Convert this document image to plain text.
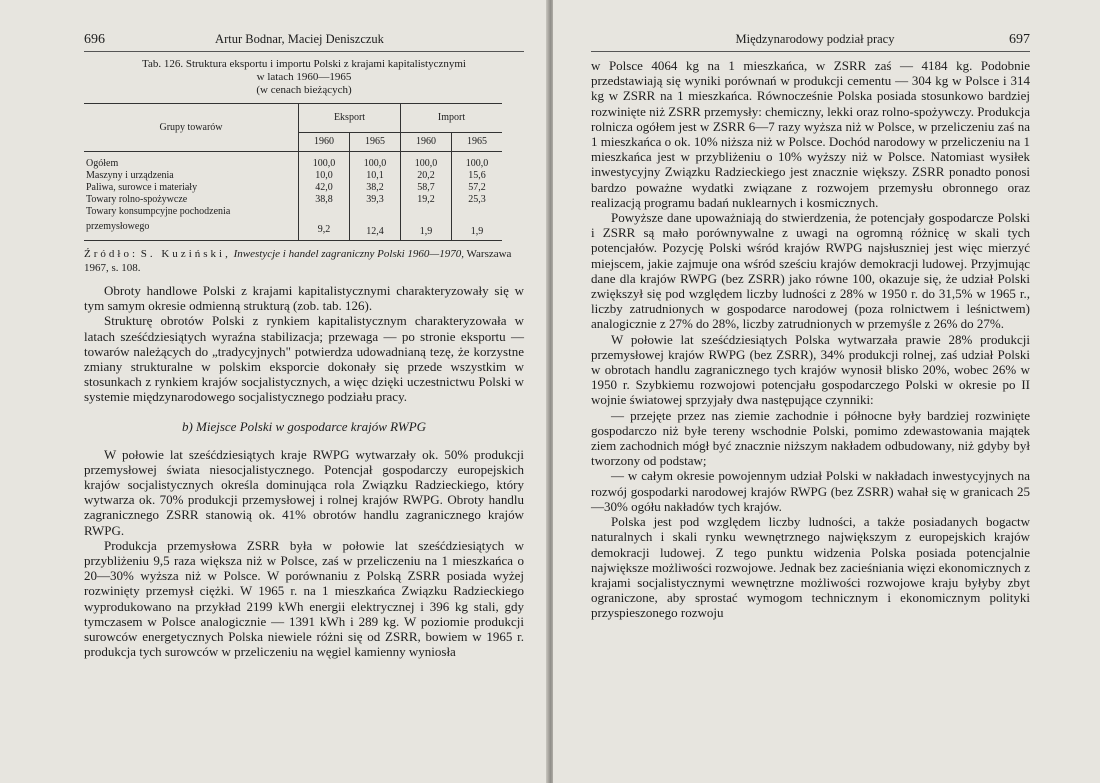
696	Artur Bodnar, Maciej Deniszczuk
Tab. 126. Struktura eksportu i importu Polski z krajami kapitalistycznymi
w latach 1960—1965
(w cenach bieżących)
Grupy towarów	Eksport		Import	
	1960	1965	1960	1965

Ogółem	100,0	100,0	100,0	100,0
Maszyny i urządzenia	10,0	10,1	20,2	15,6
Paliwa, surowce i materiały	42,0	38,2	58,7	57,2
Towary rolno-spożywcze	38,8	39,3	19,2	25,3
Towary konsumpcyjne pochodzenia				
przemysłowego	9,2	12,4	1,9	1,9
Źródło: S. Kuziński, Inwestycje i handel zagraniczny Polski 1960—1970, Warszawa 1967, s. 108.

Obroty handlowe Polski z krajami kapitalistycznymi charakteryzowały się w tym samym okresie odmienną strukturą (zob. tab. 126).

Strukturę obrotów Polski z rynkiem kapitalistycznym charakteryzowała w latach sześćdziesiątych wyraźna stabilizacja; przewaga — po stronie eksportu — towarów należących do „tradycyjnych" potwierdza udowadnianą tezę, że korzystne zmiany strukturalne w polskim eksporcie dokonały się przede wszystkim w stosunkach z rynkiem krajów socjalistycznych, a więc dzięki uczestnictwu Polski w systemie międzynarodowego socjalistycznego podziału pracy.

b) Miejsce Polski w gospodarce krajów RWPG

W połowie lat sześćdziesiątych kraje RWPG wytwarzały ok. 50% produkcji przemysłowej świata niesocjalistycznego. Potencjał gospodarczy europejskich krajów socjalistycznych określa dominująca rola Związku Radzieckiego, który wytwarza ok. 70% produkcji przemysłowej i rolnej krajów RWPG. Obroty handlu zagranicznego ZSRR stanowią ok. 41% obrotów handlu zagranicznego krajów RWPG.

Produkcja przemysłowa ZSRR była w połowie lat sześćdziesiątych w przybliżeniu 9,5 raza większa niż w Polsce, zaś w przeliczeniu na 1 mieszkańca o 20—30% wyższa niż w Polsce. W porównaniu z Polską ZSRR posiada wyżej rozwinięty przemysł ciężki. W 1965 r. na 1 mieszkańca Związku Radzieckiego wyprodukowano na przykład 2199 kWh energii elektrycznej i 396 kg stali, gdy tymczasem w Polsce analogicznie — 1391 kWh i 289 kg. W poziomie produkcji surowców energetycznych Polska niewiele różni się od ZSRR, bowiem w 1965 r. produkcja tych surowców w przeliczeniu na węgiel kamienny wyniosła

Międzynarodowy podział pracy	697

w Polsce 4064 kg na 1 mieszkańca, w ZSRR zaś — 4184 kg. Podobnie przedstawiają się wyniki porównań w produkcji cementu — 304 kg w Polsce i 314 kg w ZSRR na 1 mieszkańca. Równocześnie Polska posiada stosunkowo bardziej rozwinięte niż ZSRR przemysły: chemiczny, lekki oraz rolno-spożywczy. Produkcja rolnicza ogółem jest w ZSRR 6—7 razy wyższa niż w Polsce, w przeliczeniu zaś na 1 mieszkańca o ok. 10% niższa niż w Polsce. Dochód narodowy w przeliczeniu na 1 mieszkańca jest w przybliżeniu o 10% wyższy niż w Polsce. Natomiast wysiłek inwestycyjny Związku Radzieckiego jest znacznie większy. ZSRR ponadto ponosi bardzo poważne wydatki związane z rozwojem przemysłu obronnego oraz realizacją programu badań nuklearnych i kosmicznych.

Powyższe dane upoważniają do stwierdzenia, że potencjały gospodarcze Polski i ZSRR są mało porównywalne z uwagi na ogromną różnicę w skali tych potencjałów. Pozycję Polski wśród krajów RWPG najsłuszniej jest więc mierzyć miejscem, jakie zajmuje ona wśród sześciu krajów demokracji ludowej. Przyjmując dane dla krajów RWPG (bez ZSRR) jako równe 100, okazuje się, że udział Polski zwiększył się pod względem liczby ludności z 28% w 1950 r. do 31,5% w 1965 r., liczby zatrudnionych w gospodarce narodowej (poza rolnictwem i leśnictwem) analogicznie z 27% do 28%, liczby zatrudnionych w przemyśle z 26% do 27%.

W połowie lat sześćdziesiątych Polska wytwarzała prawie 28% produkcji przemysłowej krajów RWPG (bez ZSRR), 34% produkcji rolnej, zaś udział Polski w obrotach handlu zagranicznego tych krajów wynosił blisko 20%, wobec 26% w 1950 r. Szybkiemu rozwojowi potencjału gospodarczego Polski w okresie po II wojnie światowej sprzyjały dwa następujące czynniki:

— przejęte przez nas ziemie zachodnie i północne były bardziej rozwinięte gospodarczo niż byłe tereny wschodnie Polski, pomimo zdewastowania majątek ziem zachodnich mógł być znacznie niższym nakładem odbudowany, niż gdyby był tworzony od podstaw;

— w całym okresie powojennym udział Polski w nakładach inwestycyjnych na rozwój gospodarki narodowej krajów RWPG (bez ZSRR) wahał się w granicach 25—30% ogółu nakładów tych krajów.

Polska jest pod względem liczby ludności, a także posiadanych bogactw naturalnych i skali rynku wewnętrznego największym z europejskich krajów demokracji ludowej. Z tego punktu widzenia Polska posiada potencjalnie największe możliwości rozwojowe. Jednak bez zacieśniania więzi ekonomicznych z krajami socjalistycznymi wewnętrzne możliwości rozwojowe kraju byłyby zbyt ograniczone, aby sprostać wymogom technicznym i ekonomicznym polityki przyspieszonego rozwoju
